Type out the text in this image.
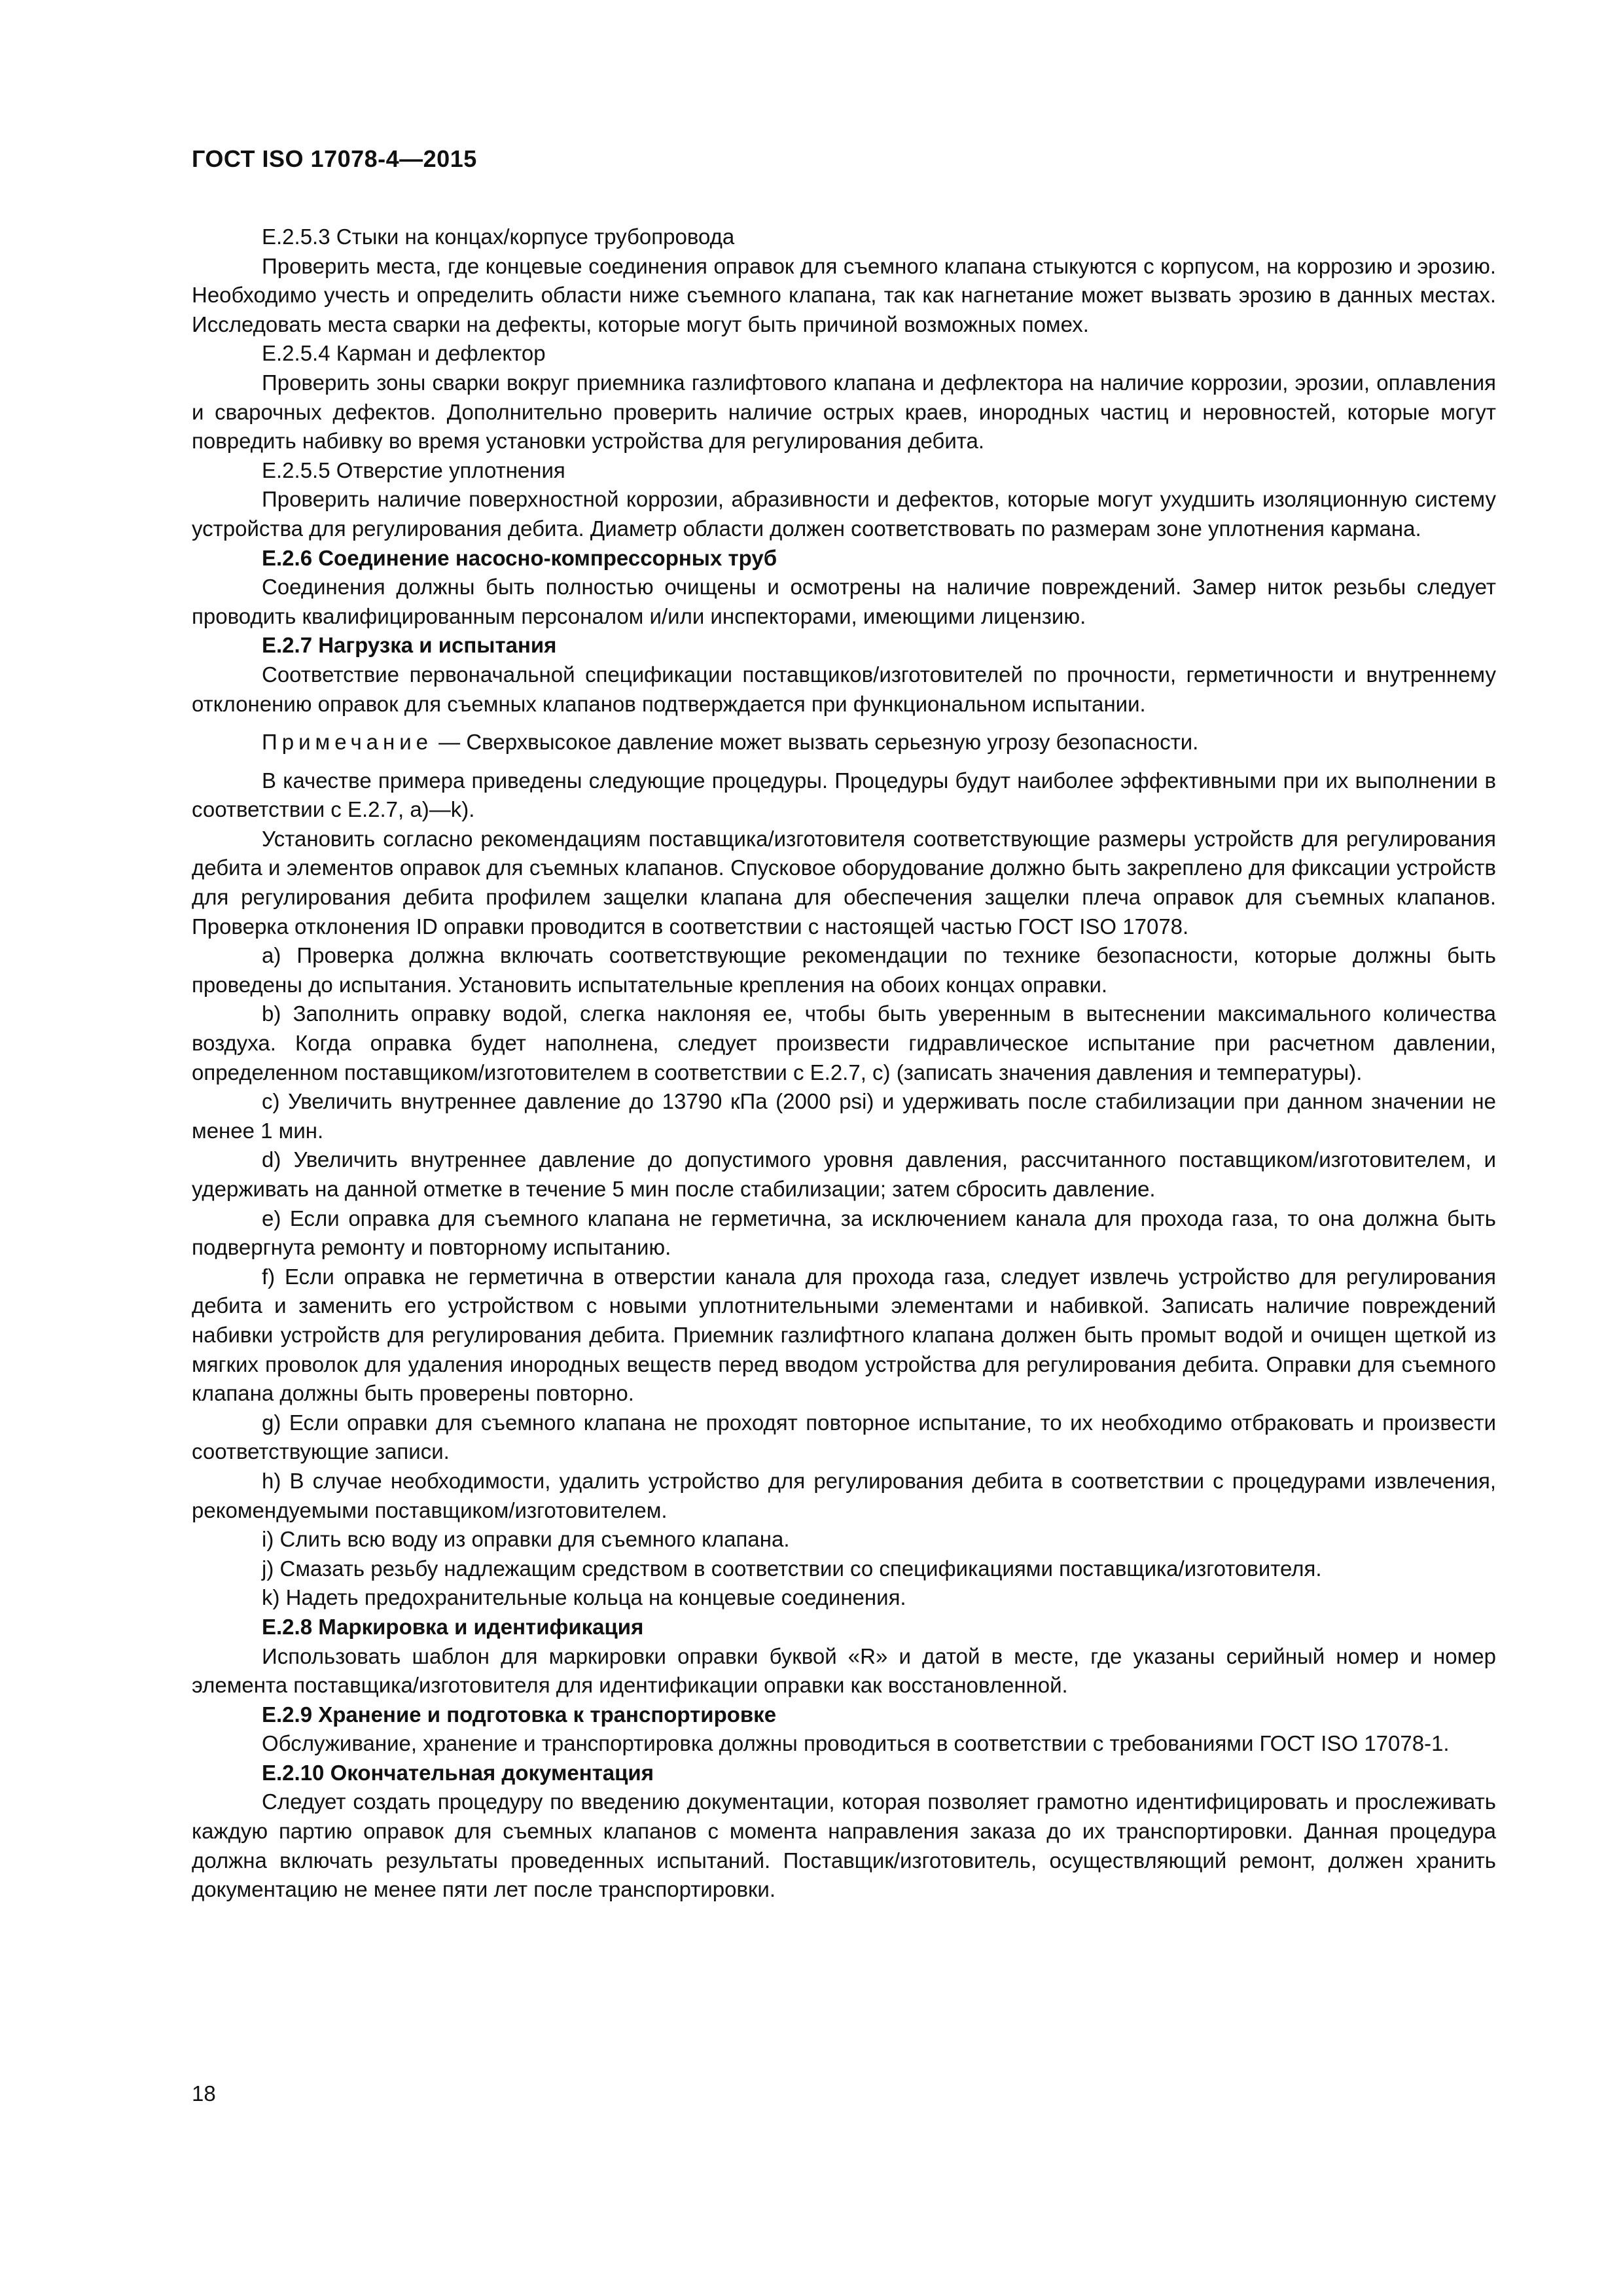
ГОСТ ISO 17078-4—2015

Е.2.5.3 Стыки на концах/корпусе трубопровода

Проверить места, где концевые соединения оправок для съемного клапана стыкуются с корпусом, на коррозию и эрозию. Необходимо учесть и определить области ниже съемного клапана, так как нагнетание может вызвать эрозию в данных местах. Исследовать места сварки на дефекты, которые могут быть причиной возможных помех.

Е.2.5.4 Карман и дефлектор

Проверить зоны сварки вокруг приемника газлифтового клапана и дефлектора на наличие коррозии, эрозии, оплавления и сварочных дефектов. Дополнительно проверить наличие острых краев, инородных частиц и неровностей, которые могут повредить набивку во время установки устройства для регулирования дебита.

Е.2.5.5 Отверстие уплотнения

Проверить наличие поверхностной коррозии, абразивности и дефектов, которые могут ухудшить изоляционную систему устройства для регулирования дебита. Диаметр области должен соответствовать по размерам зоне уплотнения кармана.

Е.2.6 Соединение насосно-компрессорных труб

Соединения должны быть полностью очищены и осмотрены на наличие повреждений. Замер ниток резьбы следует проводить квалифицированным персоналом и/или инспекторами, имеющими лицензию.

Е.2.7 Нагрузка и испытания

Соответствие первоначальной спецификации поставщиков/изготовителей по прочности, герметичности и внутреннему отклонению оправок для съемных клапанов подтверждается при функциональном испытании.

Примечание — Сверхвысокое давление может вызвать серьезную угрозу безопасности.

В качестве примера приведены следующие процедуры. Процедуры будут наиболее эффективными при их выполнении в соответствии с Е.2.7, а)—k).

Установить согласно рекомендациям поставщика/изготовителя соответствующие размеры устройств для регулирования дебита и элементов оправок для съемных клапанов. Спусковое оборудование должно быть закреплено для фиксации устройств для регулирования дебита профилем защелки клапана для обеспечения защелки плеча оправок для съемных клапанов. Проверка отклонения ID оправки проводится в соответствии с настоящей частью ГОСТ ISO 17078.

a) Проверка должна включать соответствующие рекомендации по технике безопасности, которые должны быть проведены до испытания. Установить испытательные крепления на обоих концах оправки.

b) Заполнить оправку водой, слегка наклоняя ее, чтобы быть уверенным в вытеснении максимального количества воздуха. Когда оправка будет наполнена, следует произвести гидравлическое испытание при расчетном давлении, определенном поставщиком/изготовителем в соответствии с Е.2.7, c) (записать значения давления и температуры).

c) Увеличить внутреннее давление до 13790 кПа (2000 psi) и удерживать после стабилизации при данном значении не менее 1 мин.

d) Увеличить внутреннее давление до допустимого уровня давления, рассчитанного поставщиком/изготовителем, и удерживать на данной отметке в течение 5 мин после стабилизации; затем сбросить давление.

e) Если оправка для съемного клапана не герметична, за исключением канала для прохода газа, то она должна быть подвергнута ремонту и повторному испытанию.

f) Если оправка не герметична в отверстии канала для прохода газа, следует извлечь устройство для регулирования дебита и заменить его устройством с новыми уплотнительными элементами и набивкой. Записать наличие повреждений набивки устройств для регулирования дебита. Приемник газлифтного клапана должен быть промыт водой и очищен щеткой из мягких проволок для удаления инородных веществ перед вводом устройства для регулирования дебита. Оправки для съемного клапана должны быть проверены повторно.

g) Если оправки для съемного клапана не проходят повторное испытание, то их необходимо отбраковать и произвести соответствующие записи.

h) В случае необходимости, удалить устройство для регулирования дебита в соответствии с процедурами извлечения, рекомендуемыми поставщиком/изготовителем.

i) Слить всю воду из оправки для съемного клапана.

j) Смазать резьбу надлежащим средством в соответствии со спецификациями поставщика/изготовителя.

k) Надеть предохранительные кольца на концевые соединения.

Е.2.8 Маркировка и идентификация

Использовать шаблон для маркировки оправки буквой «R» и датой в месте, где указаны серийный номер и номер элемента поставщика/изготовителя для идентификации оправки как восстановленной.

Е.2.9 Хранение и подготовка к транспортировке

Обслуживание, хранение и транспортировка должны проводиться в соответствии с требованиями ГОСТ ISO 17078-1.

Е.2.10 Окончательная документация

Следует создать процедуру по введению документации, которая позволяет грамотно идентифицировать и прослеживать каждую партию оправок для съемных клапанов с момента направления заказа до их транспортировки. Данная процедура должна включать результаты проведенных испытаний. Поставщик/изготовитель, осуществляющий ремонт, должен хранить документацию не менее пяти лет после транспортировки.

18
